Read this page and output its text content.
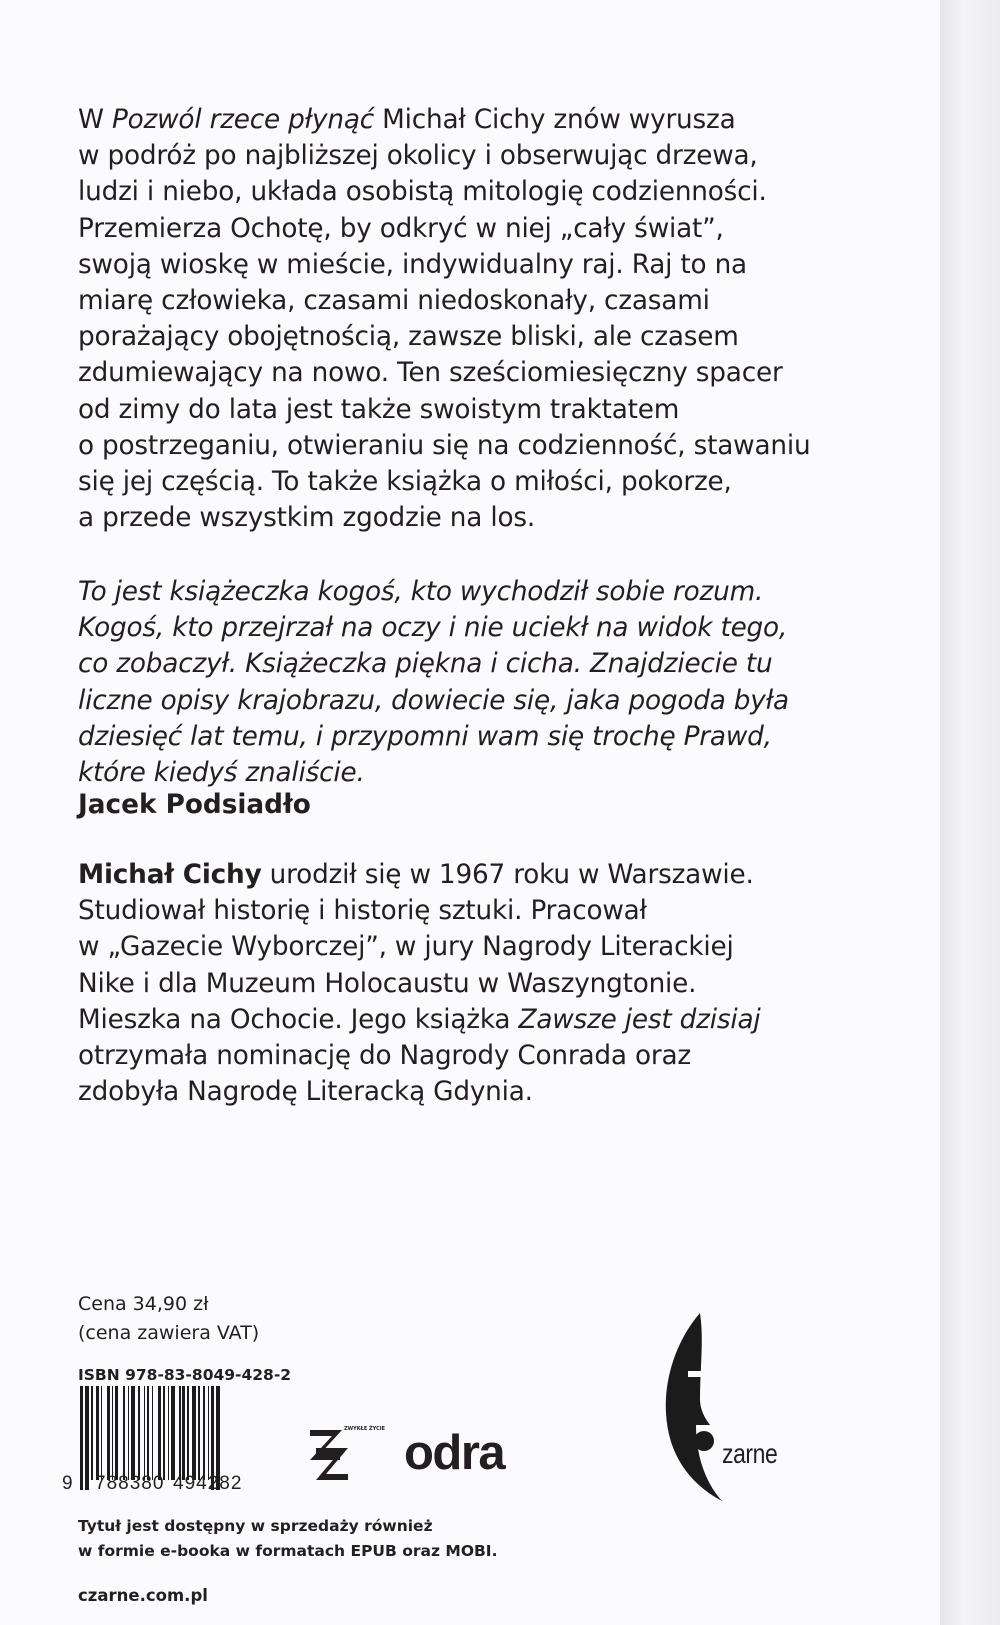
W Pozwól rzece płynąć Michał Cichy znów wyrusza
w podróż po najbliższej okolicy i obserwując drzewa,
ludzi i niebo, układa osobistą mitologię codzienności.
Przemierza Ochotę, by odkryć w niej „cały świat”,
swoją wioskę w mieście, indywidualny raj. Raj to na
miarę człowieka, czasami niedoskonały, czasami
porażający obojętnością, zawsze bliski, ale czasem
zdumiewający na nowo. Ten sześciomiesięczny spacer
od zimy do lata jest także swoistym traktatem
o postrzeganiu, otwieraniu się na codzienność, stawaniu
się jej częścią. To także książka o miłości, pokorze,
a przede wszystkim zgodzie na los.

To jest książeczka kogoś, kto wychodził sobie rozum.
Kogoś, kto przejrzał na oczy i nie uciekł na widok tego,
co zobaczył. Książeczka piękna i cicha. Znajdziecie tu
liczne opisy krajobrazu, dowiecie się, jaka pogoda była
dziesięć lat temu, i przypomni wam się trochę Prawd,
które kiedyś znaliście.

Jacek Podsiadło

Michał Cichy urodził się w 1967 roku w Warszawie.
Studiował historię i historię sztuki. Pracował
w „Gazecie Wyborczej”, w jury Nagrody Literackiej
Nike i dla Muzeum Holocaustu w Waszyngtonie.
Mieszka na Ochocie. Jego książka Zawsze jest dzisiaj
otrzymała nominację do Nagrody Conrada oraz
zdobyła Nagrodę Literacką Gdynia.

Cena 34,90 zł

(cena zawiera VAT)

ISBN 978-83-8049-428-2

9 788380 494282

ZWYKŁE ŻYCIE odra	zarne

Tytuł jest dostępny w sprzedaży również

w formie e-booka w formatach EPUB oraz MOBI.

czarne.com.pl
